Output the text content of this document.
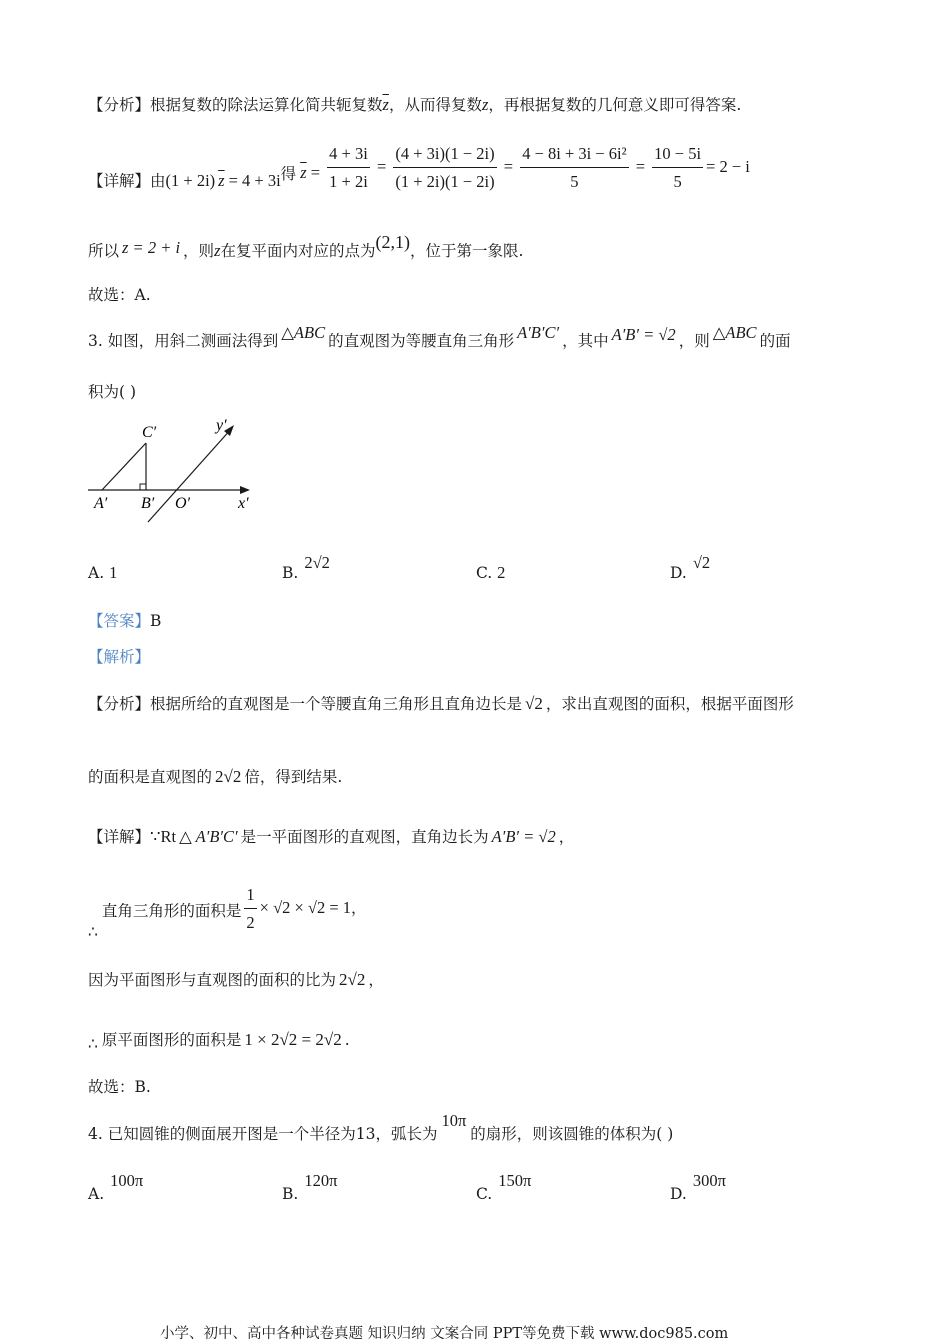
【分析】根据复数的除法运算化简共轭复数$\overline{z}$，从而得复数z，再根据复数的几何意义即可得答案.
【详解】由(1 + 2i) $\overline{z} = 4 + 3i$得 $\overline{z} = \frac{4 + 3i}{1 + 2i} = \frac{(4 + 3i)(1 - 2i)}{(1 + 2i)(1 - 2i)} = \frac{\text{4 − 8i + 3i − 6i²}}{5} = \frac{10 - 5i}{5} = 2 - i$
所以 z = 2 + i ，则z在复平面内对应的点为(2,1)，位于第一象限.
故选：A.
3. 如图，用斜二测画法得到 △ABC 的直观图为等腰直角三角形 A′B′C′ ，其中 A′B′ = √2 ，则 △ABC 的面
积为( )
C′	y′
A′ B′ O′	x′
A. 1	B.2√2
C. 2	D.√2
【答案】B
【解析】
【分析】根据所给的直观图是一个等腰直角三角形且直角边长是 √2 ，求出直观图的面积，根据平面图形
的面积是直观图的 2√2 倍，得到结果.
【详解】∵Rt △ A′B′C′ 是一平面图形的直观图，直角边长为 A′B′ = √2 ，
∴直角三角形的面积是 $\frac{1}{2} \times √2 \times √2 = 1$，
因为平面图形与直观图的面积的比为 2√2 ，
∴ 原平面图形的面积是 1 × 2√2 = 2√2 .
故选：B.
4. 已知圆锥的侧面展开图是一个半径为13，弧长为10π的扇形，则该圆锥的体积为( )
A.100π
B.120π
C.150π
D.300π
小学、初中、高中各种试卷真题 知识归纳 文案合同 PPT等免费下载 www.doc985.com
